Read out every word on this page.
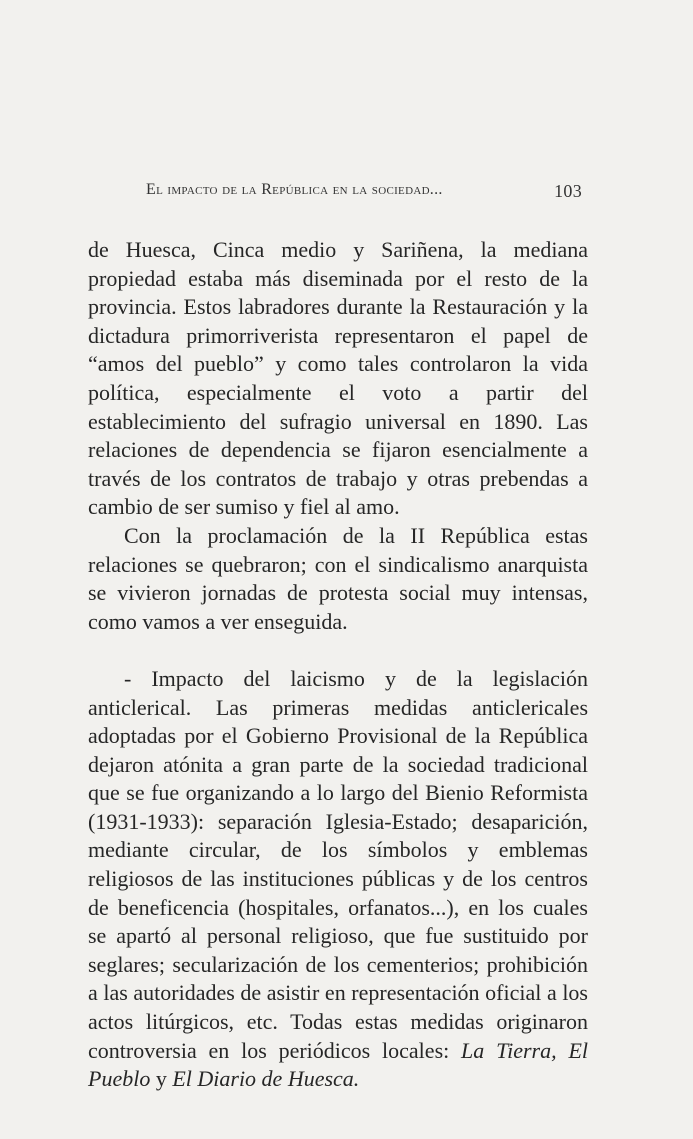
El impacto de la República en la sociedad...	103

de Huesca, Cinca medio y Sariñena, la mediana propiedad estaba más diseminada por el resto de la provincia. Estos labradores durante la Restauración y la dictadura primorriverista representaron el papel de “amos del pueblo” y como tales controlaron la vida política, especialmente el voto a partir del establecimiento del sufragio universal en 1890. Las relaciones de dependencia se fijaron esencialmente a través de los contratos de trabajo y otras prebendas a cambio de ser sumiso y fiel al amo.

Con la proclamación de la II República estas relaciones se quebraron; con el sindicalismo anarquista se vivieron jornadas de protesta social muy intensas, como vamos a ver enseguida.

- Impacto del laicismo y de la legislación anticlerical. Las primeras medidas anticlericales adoptadas por el Gobierno Provisional de la República dejaron atónita a gran parte de la sociedad tradicional que se fue organizando a lo largo del Bienio Reformista (1931-1933): separación Iglesia-Estado; desaparición, mediante circular, de los símbolos y emblemas religiosos de las instituciones públicas y de los centros de beneficencia (hospitales, orfanatos...), en los cuales se apartó al personal religioso, que fue sustituido por seglares; secularización de los cementerios; prohibición a las autoridades de asistir en representación oficial a los actos litúrgicos, etc. Todas estas medidas originaron controversia en los periódicos locales: La Tierra, El Pueblo y El Diario de Huesca.
